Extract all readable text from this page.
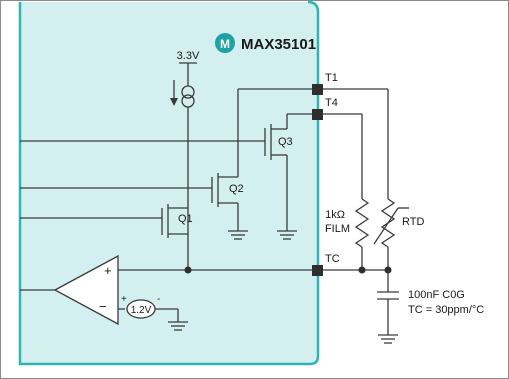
M MAX35101
3.3V
Q1
Q2
Q3
+
− 1.2V
+	-
T1
T4
TC
1kΩ
FILM
RTD
100nF C0G
TC = 30ppm/°C
